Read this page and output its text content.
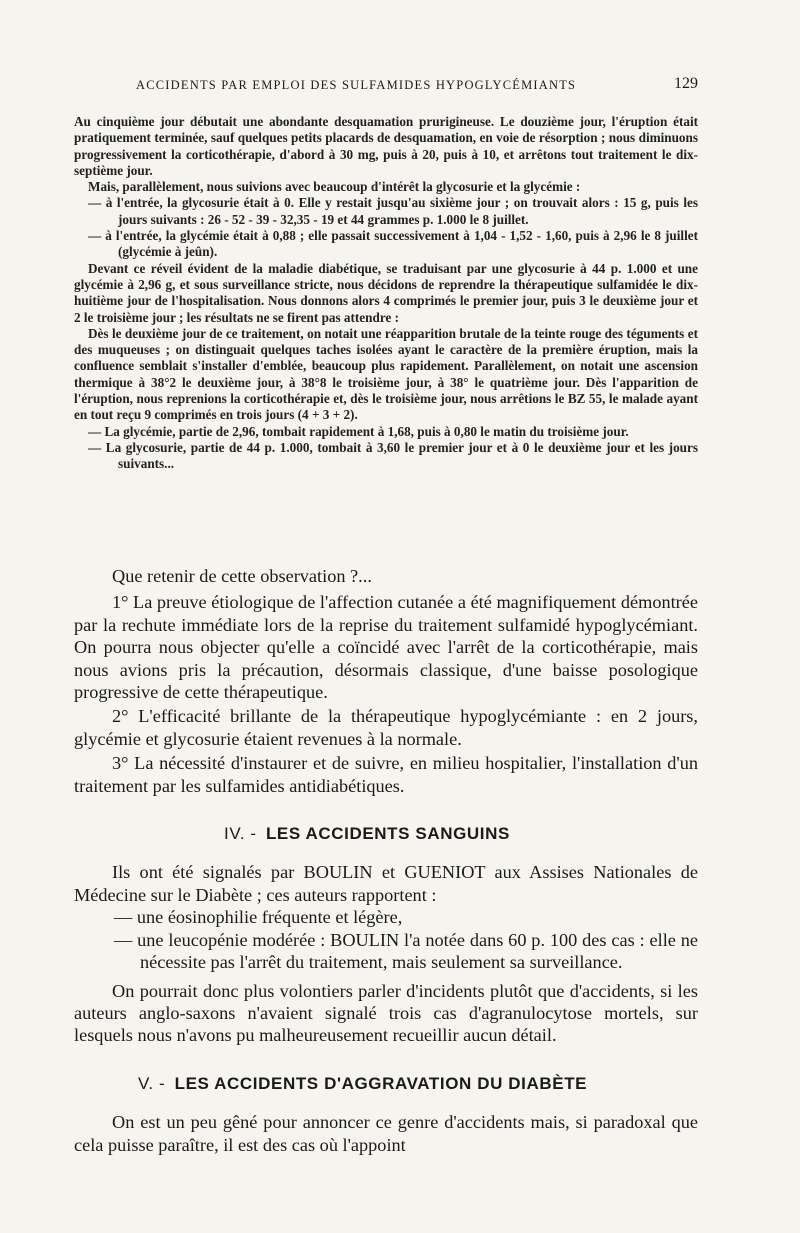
ACCIDENTS PAR EMPLOI DES SULFAMIDES HYPOGLYCÉMIANTS	129

Au cinquième jour débutait une abondante desquamation prurigineuse. Le douzième jour, l'éruption était pratiquement terminée, sauf quelques petits placards de desquamation, en voie de résorption ; nous diminuons progressivement la corticothérapie, d'abord à 30 mg, puis à 20, puis à 10, et arrêtons tout traitement le dix-septième jour.

Mais, parallèlement, nous suivions avec beaucoup d'intérêt la glycosurie et la glycémie :

— à l'entrée, la glycosurie était à 0. Elle y restait jusqu'au sixième jour ; on trouvait alors : 15 g, puis les jours suivants : 26 - 52 - 39 - 32,35 - 19 et 44 grammes p. 1.000 le 8 juillet.

— à l'entrée, la glycémie était à 0,88 ; elle passait successivement à 1,04 - 1,52 - 1,60, puis à 2,96 le 8 juillet (glycémie à jeûn).

Devant ce réveil évident de la maladie diabétique, se traduisant par une glycosurie à 44 p. 1.000 et une glycémie à 2,96 g, et sous surveillance stricte, nous décidons de reprendre la thérapeutique sulfamidée le dix-huitième jour de l'hospitalisation. Nous donnons alors 4 comprimés le premier jour, puis 3 le deuxième jour et 2 le troisième jour ; les résultats ne se firent pas attendre :

Dès le deuxième jour de ce traitement, on notait une réapparition brutale de la teinte rouge des téguments et des muqueuses ; on distinguait quelques taches isolées ayant le caractère de la première éruption, mais la confluence semblait s'installer d'emblée, beaucoup plus rapidement. Parallèlement, on notait une ascension thermique à 38°2 le deuxième jour, à 38°8 le troisième jour, à 38° le quatrième jour. Dès l'apparition de l'éruption, nous reprenions la corticothérapie et, dès le troisième jour, nous arrêtions le BZ 55, le malade ayant en tout reçu 9 comprimés en trois jours (4 + 3 + 2).

— La glycémie, partie de 2,96, tombait rapidement à 1,68, puis à 0,80 le matin du troisième jour.

— La glycosurie, partie de 44 p. 1.000, tombait à 3,60 le premier jour et à 0 le deuxième jour et les jours suivants...

Que retenir de cette observation ?...

1° La preuve étiologique de l'affection cutanée a été magnifiquement démontrée par la rechute immédiate lors de la reprise du traitement sulfamidé hypoglycémiant. On pourra nous objecter qu'elle a coïncidé avec l'arrêt de la corticothérapie, mais nous avions pris la précaution, désormais classique, d'une baisse posologique progressive de cette thérapeutique.

2° L'efficacité brillante de la thérapeutique hypoglycémiante : en 2 jours, glycémie et glycosurie étaient revenues à la normale.

3° La nécessité d'instaurer et de suivre, en milieu hospitalier, l'installation d'un traitement par les sulfamides antidiabétiques.

IV. - LES ACCIDENTS SANGUINS

Ils ont été signalés par BOULIN et GUENIOT aux Assises Nationales de Médecine sur le Diabète ; ces auteurs rapportent :

— une éosinophilie fréquente et légère,

— une leucopénie modérée : BOULIN l'a notée dans 60 p. 100 des cas : elle ne nécessite pas l'arrêt du traitement, mais seulement sa surveillance.

On pourrait donc plus volontiers parler d'incidents plutôt que d'accidents, si les auteurs anglo-saxons n'avaient signalé trois cas d'agranulocytose mortels, sur lesquels nous n'avons pu malheureusement recueillir aucun détail.

V. - LES ACCIDENTS D'AGGRAVATION DU DIABÈTE

On est un peu gêné pour annoncer ce genre d'accidents mais, si paradoxal que cela puisse paraître, il est des cas où l'appoint
